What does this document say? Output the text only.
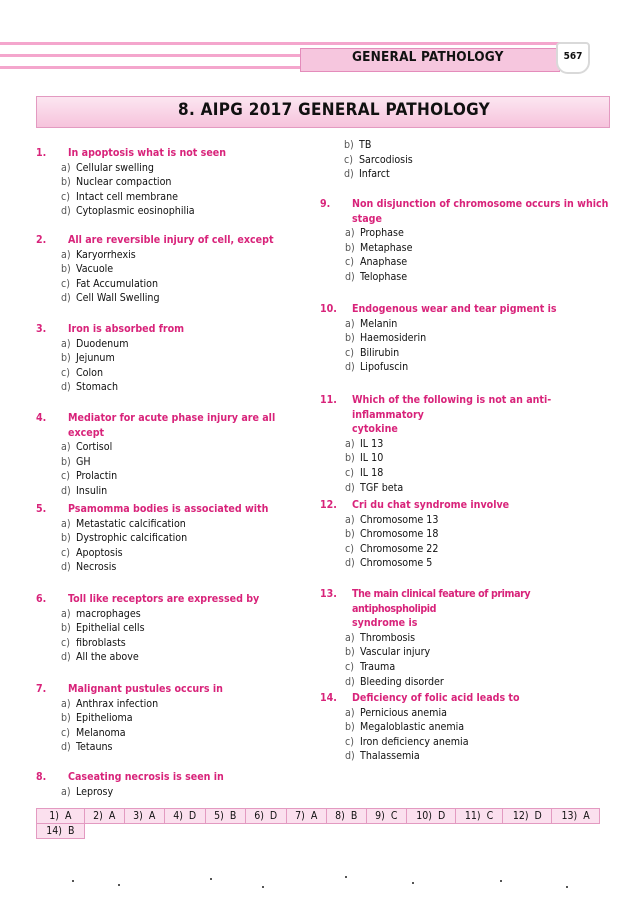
GENERAL PATHOLOGY	567
8. AIPG 2017 GENERAL PATHOLOGY
1. In apoptosis what is not seen
a) Cellular swelling
b) Nuclear compaction
c) Intact cell membrane
d) Cytoplasmic eosinophilia
2. All are reversible injury of cell, except
a) Karyorrhexis
b) Vacuole
c) Fat Accumulation
d) Cell Wall Swelling
3. Iron is absorbed from
a) Duodenum
b) Jejunum
c) Colon
d) Stomach
4. Mediator for acute phase injury are all except
a) Cortisol
b) GH
c) Prolactin
d) Insulin
5. Psamomma bodies is associated with
a) Metastatic calcification
b) Dystrophic calcification
c) Apoptosis
d) Necrosis
6. Toll like receptors are expressed by
a) macrophages
b) Epithelial cells
c) fibroblasts
d) All the above
7. Malignant pustules occurs in
a) Anthrax infection
b) Epithelioma
c) Melanoma
d) Tetauns
8. Caseating necrosis is seen in
a) Leprosy
b) TB
c) Sarcodiosis
d) Infarct
9. Non disjunction of chromosome occurs in which
stage
a) Prophase
b) Metaphase
c) Anaphase
d) Telophase
10. Endogenous wear and tear pigment is
a) Melanin
b) Haemosiderin
c) Bilirubin
d) Lipofuscin
11. Which of the following is not an anti-inflammatory
cytokine
a) IL 13
b) IL 10
c) IL 18
d) TGF beta
12. Cri du chat syndrome involve
a) Chromosome 13
b) Chromosome 18
c) Chromosome 22
d) Chromosome 5
13. The main clinical feature of primary antiphospholipid
syndrome is
a) Thrombosis
b) Vascular injury
c) Trauma
d) Bleeding disorder
14. Deficiency of folic acid leads to
a) Pernicious anemia
b) Megaloblastic anemia
c) Iron deficiency anemia
d) Thalassemia
1) A	2) A	3) A	4) D	5) B	6) D	7) A	8) B	9) C	10) D	11) C	12) D	13) A
14) B												
